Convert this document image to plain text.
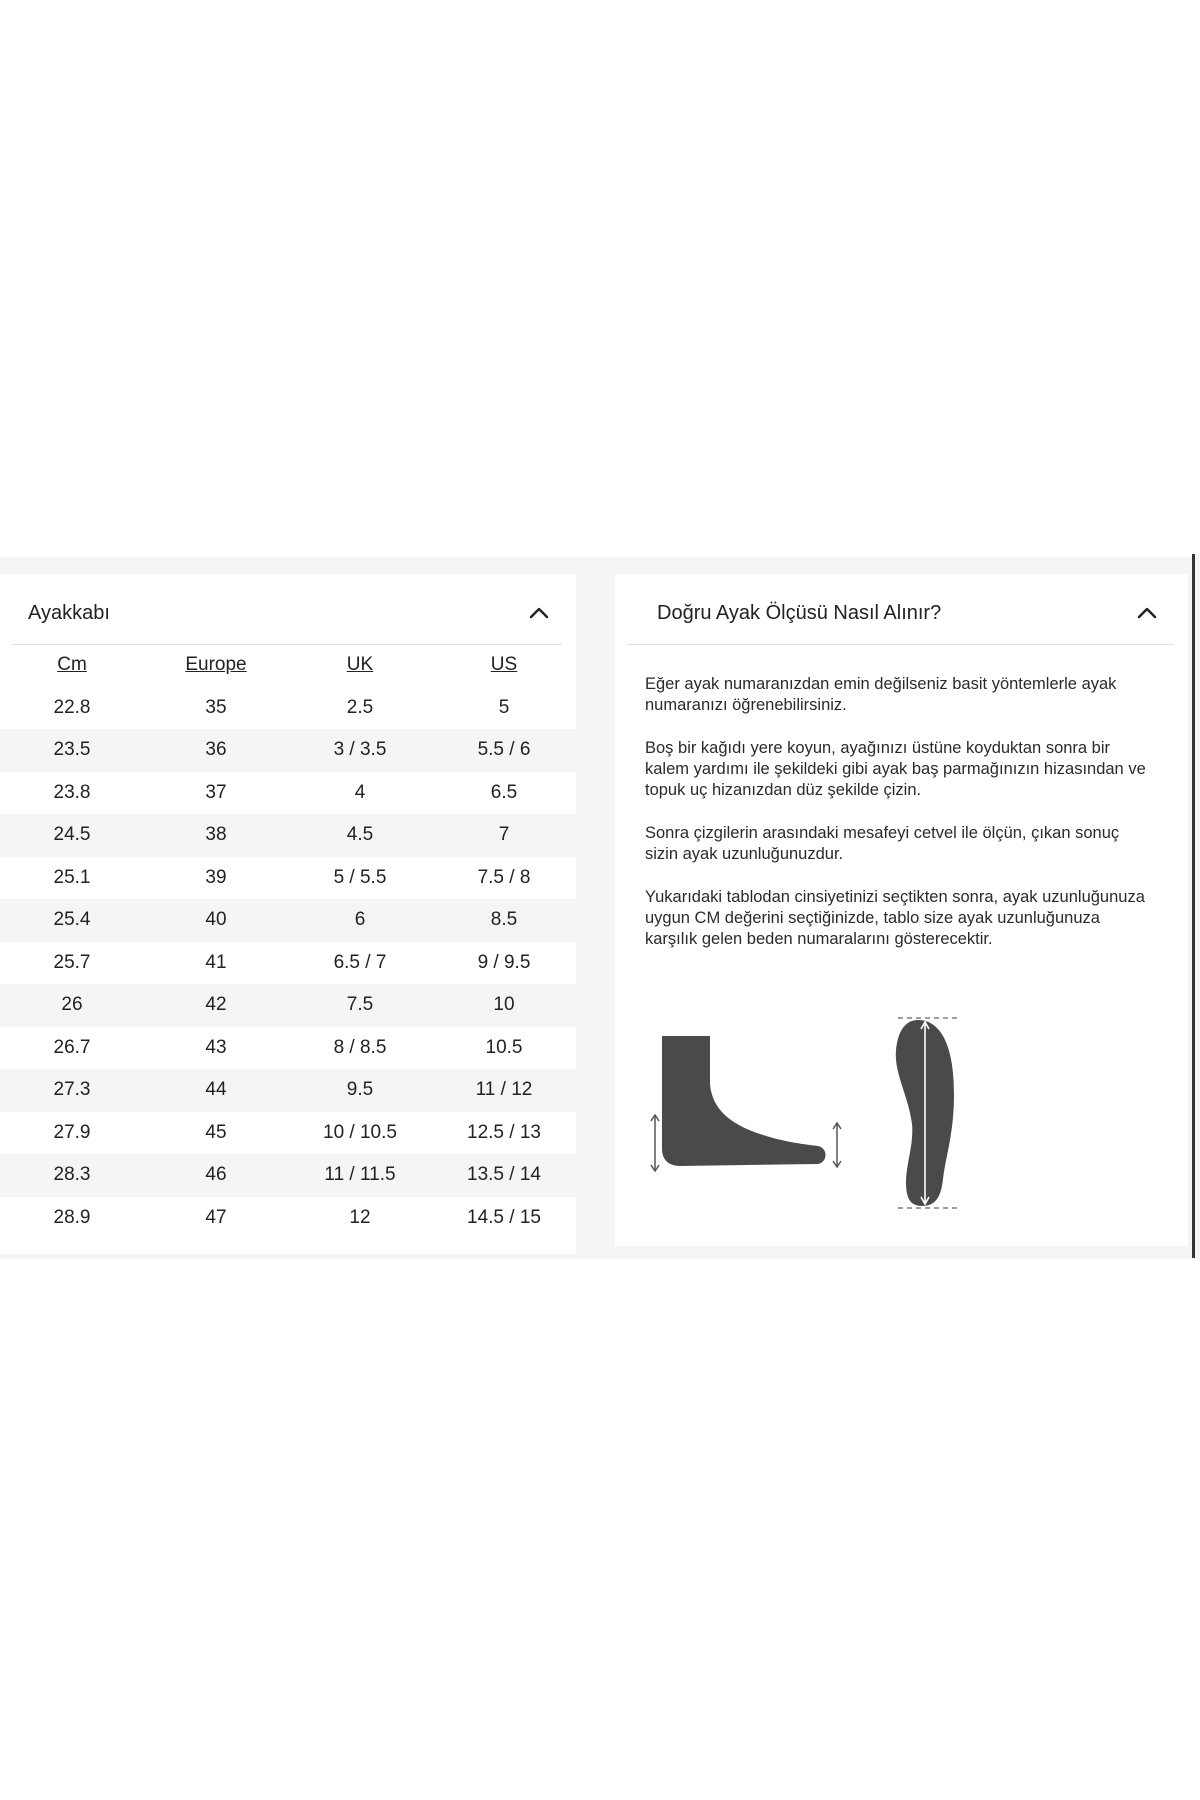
Ayakkabı
Cm	Europe	UK	US
22.8	35	2.5	5
23.5	36	3 / 3.5	5.5 / 6
23.8	37	4	6.5
24.5	38	4.5	7
25.1	39	5 / 5.5	7.5 / 8
25.4	40	6	8.5
25.7	41	6.5 / 7	9 / 9.5
26	42	7.5	10
26.7	43	8 / 8.5	10.5
27.3	44	9.5	11 / 12
27.9	45	10 / 10.5	12.5 / 13
28.3	46	11 / 11.5	13.5 / 14
28.9	47	12	14.5 / 15
Doğru Ayak Ölçüsü Nasıl Alınır?

Eğer ayak numaranızdan emin değilseniz basit yöntemlerle ayak numaranızı öğrenebilirsiniz.

Boş bir kağıdı yere koyun, ayağınızı üstüne koyduktan sonra bir kalem yardımı ile şekildeki gibi ayak baş parmağınızın hizasından ve topuk uç hizanızdan düz şekilde çizin.

Sonra çizgilerin arasındaki mesafeyi cetvel ile ölçün, çıkan sonuç sizin ayak uzunluğunuzdur.

Yukarıdaki tablodan cinsiyetinizi seçtikten sonra, ayak uzunluğunuza uygun CM değerini seçtiğinizde, tablo size ayak uzunluğunuza karşılık gelen beden numaralarını gösterecektir.
